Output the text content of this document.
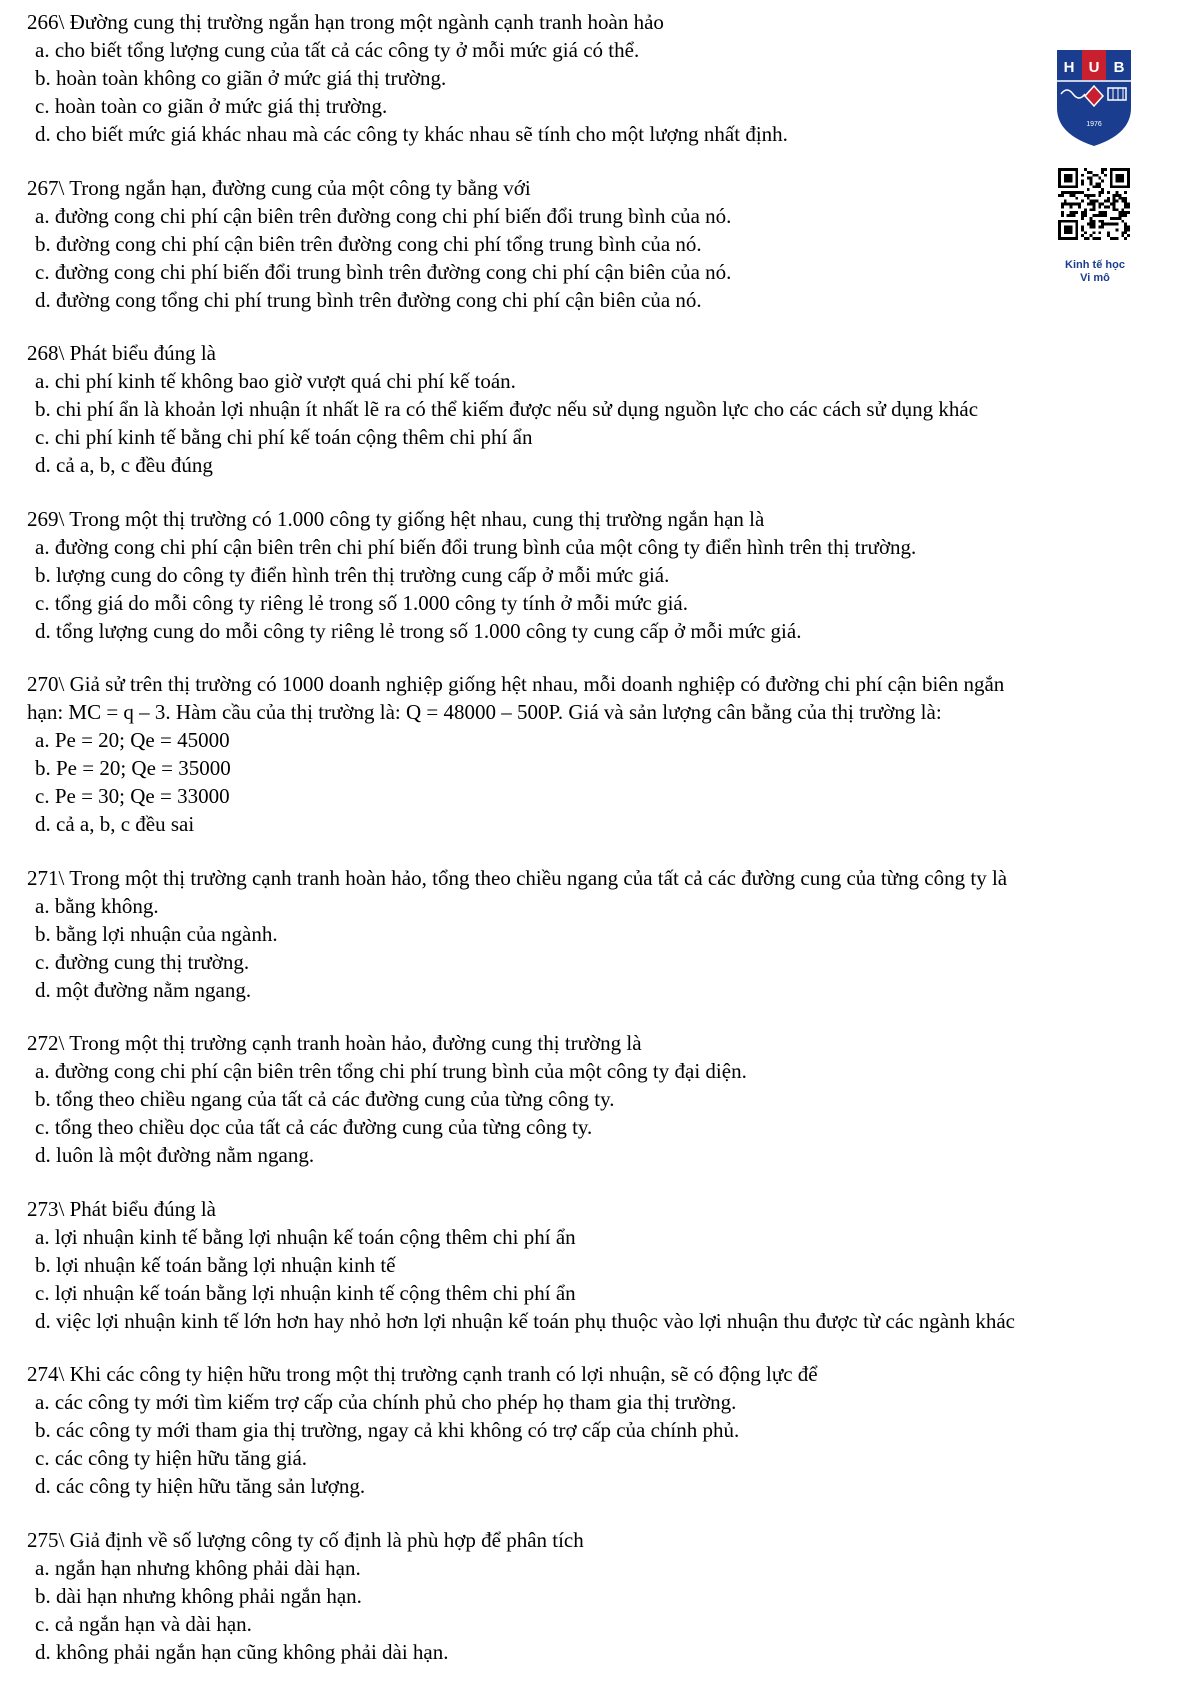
266\ Đường cung thị trường ngắn hạn trong một ngành cạnh tranh hoàn hảo
a. cho biết tổng lượng cung của tất cả các công ty ở mỗi mức giá có thể.
b. hoàn toàn không co giãn ở mức giá thị trường.
c. hoàn toàn co giãn ở mức giá thị trường.
d. cho biết mức giá khác nhau mà các công ty khác nhau sẽ tính cho một lượng nhất định.
267\ Trong ngắn hạn, đường cung của một công ty bằng với
a. đường cong chi phí cận biên trên đường cong chi phí biến đổi trung bình của nó.
b. đường cong chi phí cận biên trên đường cong chi phí tổng trung bình của nó.
c. đường cong chi phí biến đổi trung bình trên đường cong chi phí cận biên của nó.
d. đường cong tổng chi phí trung bình trên đường cong chi phí cận biên của nó.
268\ Phát biểu đúng là
a. chi phí kinh tế không bao giờ vượt quá chi phí kế toán.
b. chi phí ẩn là khoản lợi nhuận ít nhất lẽ ra có thể kiếm được nếu sử dụng nguồn lực cho các cách sử dụng khác
c. chi phí kinh tế bằng chi phí kế toán cộng thêm chi phí ẩn
d. cả a, b, c đều đúng
269\ Trong một thị trường có 1.000 công ty giống hệt nhau, cung thị trường ngắn hạn là
a. đường cong chi phí cận biên trên chi phí biến đổi trung bình của một công ty điển hình trên thị trường.
b. lượng cung do công ty điển hình trên thị trường cung cấp ở mỗi mức giá.
c. tổng giá do mỗi công ty riêng lẻ trong số 1.000 công ty tính ở mỗi mức giá.
d. tổng lượng cung do mỗi công ty riêng lẻ trong số 1.000 công ty cung cấp ở mỗi mức giá.
270\ Giả sử trên thị trường có 1000 doanh nghiệp giống hệt nhau, mỗi doanh nghiệp có đường chi phí cận biên ngắn
hạn: MC = q – 3. Hàm cầu của thị trường là: Q = 48000 – 500P. Giá và sản lượng cân bằng của thị trường là:
a. Pe = 20; Qe = 45000
b. Pe = 20; Qe = 35000
c. Pe = 30; Qe = 33000
d. cả a, b, c đều sai
271\ Trong một thị trường cạnh tranh hoàn hảo, tổng theo chiều ngang của tất cả các đường cung của từng công ty là
a. bằng không.
b. bằng lợi nhuận của ngành.
c. đường cung thị trường.
d. một đường nằm ngang.
272\ Trong một thị trường cạnh tranh hoàn hảo, đường cung thị trường là
a. đường cong chi phí cận biên trên tổng chi phí trung bình của một công ty đại diện.
b. tổng theo chiều ngang của tất cả các đường cung của từng công ty.
c. tổng theo chiều dọc của tất cả các đường cung của từng công ty.
d. luôn là một đường nằm ngang.
273\ Phát biểu đúng là
a. lợi nhuận kinh tế bằng lợi nhuận kế toán cộng thêm chi phí ẩn
b. lợi nhuận kế toán bằng lợi nhuận kinh tế
c. lợi nhuận kế toán bằng lợi nhuận kinh tế cộng thêm chi phí ẩn
d. việc lợi nhuận kinh tế lớn hơn hay nhỏ hơn lợi nhuận kế toán phụ thuộc vào lợi nhuận thu được từ các ngành khác
274\ Khi các công ty hiện hữu trong một thị trường cạnh tranh có lợi nhuận, sẽ có động lực để
a. các công ty mới tìm kiếm trợ cấp của chính phủ cho phép họ tham gia thị trường.
b. các công ty mới tham gia thị trường, ngay cả khi không có trợ cấp của chính phủ.
c. các công ty hiện hữu tăng giá.
d. các công ty hiện hữu tăng sản lượng.
275\ Giả định về số lượng công ty cố định là phù hợp để phân tích
a. ngắn hạn nhưng không phải dài hạn.
b. dài hạn nhưng không phải ngắn hạn.
c. cả ngắn hạn và dài hạn.
d. không phải ngắn hạn cũng không phải dài hạn.
H U B
1976
Kinh tế học
Vi mô
